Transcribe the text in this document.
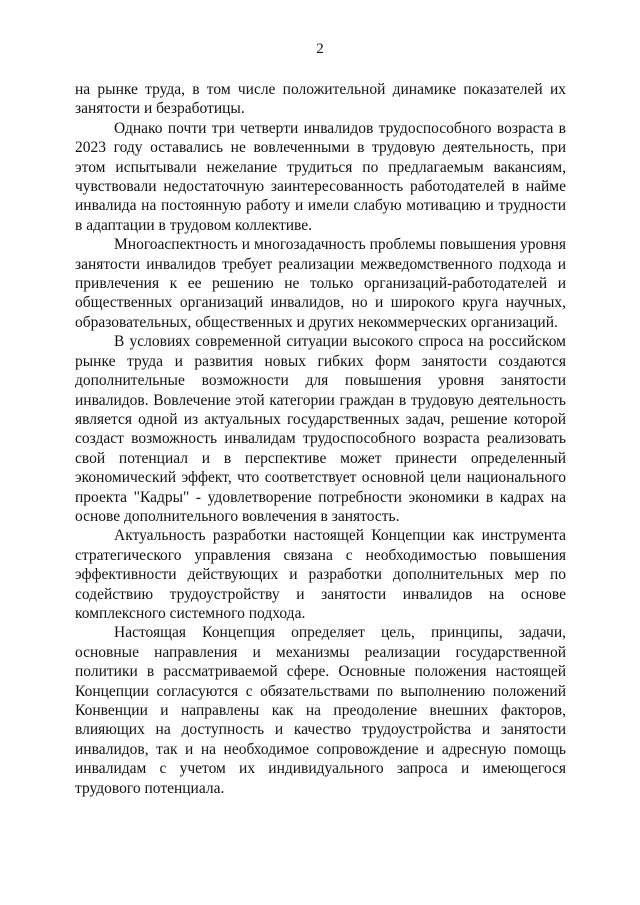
2

на рынке труда, в том числе положительной динамике показателей их занятости и безработицы.

Однако почти три четверти инвалидов трудоспособного возраста в 2023 году оставались не вовлеченными в трудовую деятельность, при этом испытывали нежелание трудиться по предлагаемым вакансиям, чувствовали недостаточную заинтересованность работодателей в найме инвалида на постоянную работу и имели слабую мотивацию и трудности в адаптации в трудовом коллективе.

Многоаспектность и многозадачность проблемы повышения уровня занятости инвалидов требует реализации межведомственного подхода и привлечения к ее решению не только организаций-работодателей и общественных организаций инвалидов, но и широкого круга научных, образовательных, общественных и других некоммерческих организаций.

В условиях современной ситуации высокого спроса на российском рынке труда и развития новых гибких форм занятости создаются дополнительные возможности для повышения уровня занятости инвалидов. Вовлечение этой категории граждан в трудовую деятельность является одной из актуальных государственных задач, решение которой создаст возможность инвалидам трудоспособного возраста реализовать свой потенциал и в перспективе может принести определенный экономический эффект, что соответствует основной цели национального проекта "Кадры" - удовлетворение потребности экономики в кадрах на основе дополнительного вовлечения в занятость.

Актуальность разработки настоящей Концепции как инструмента стратегического управления связана с необходимостью повышения эффективности действующих и разработки дополнительных мер по содействию трудоустройству и занятости инвалидов на основе комплексного системного подхода.

Настоящая Концепция определяет цель, принципы, задачи, основные направления и механизмы реализации государственной политики в рассматриваемой сфере. Основные положения настоящей Концепции согласуются с обязательствами по выполнению положений Конвенции и направлены как на преодоление внешних факторов, влияющих на доступность и качество трудоустройства и занятости инвалидов, так и на необходимое сопровождение и адресную помощь инвалидам с учетом их индивидуального запроса и имеющегося трудового потенциала.
